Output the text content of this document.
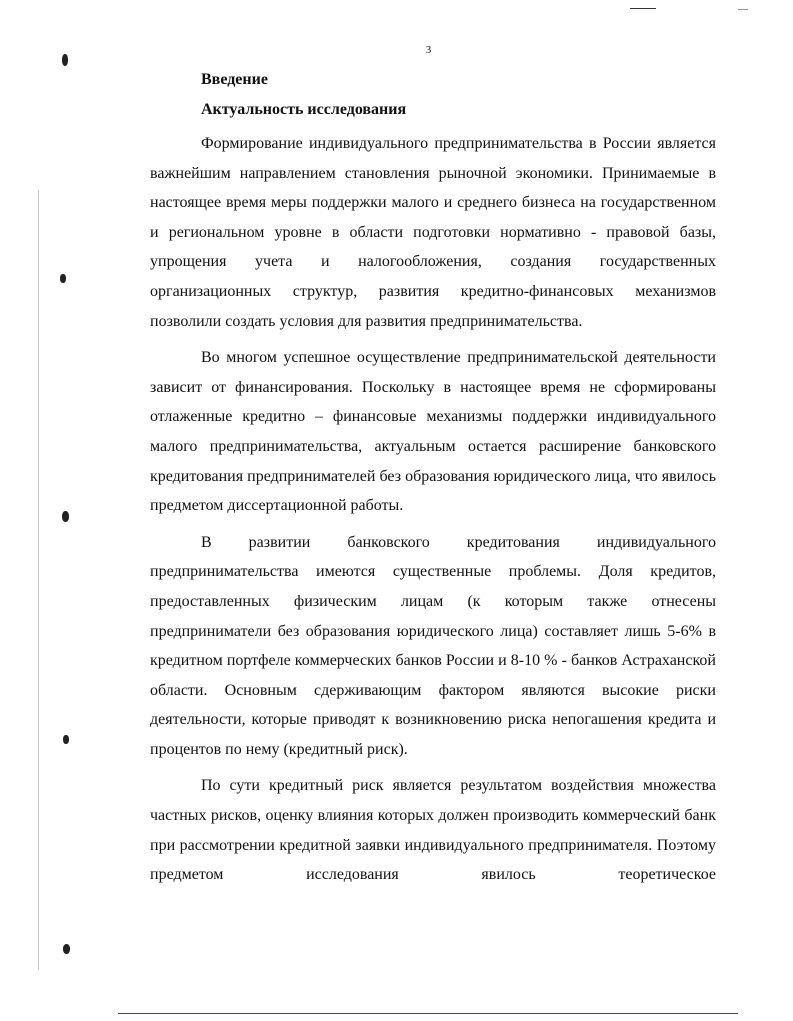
3
Введение
Актуальность исследования

Формирование индивидуального предпринимательства в России является важнейшим направлением становления рыночной экономики. Принимаемые в настоящее время меры поддержки малого и среднего бизнеса на государственном и региональном уровне в области подготовки нормативно - правовой базы, упрощения учета и налогообложения, создания государственных организационных структур, развития кредитно-финансовых механизмов позволили создать условия для развития предпринимательства.

Во многом успешное осуществление предпринимательской деятельности зависит от финансирования. Поскольку в настоящее время не сформированы отлаженные кредитно – финансовые механизмы поддержки индивидуального малого предпринимательства, актуальным остается расширение банковского кредитования предпринимателей без образования юридического лица, что явилось предметом диссертационной работы.

В развитии банковского кредитования индивидуального предпринимательства имеются существенные проблемы. Доля кредитов, предоставленных физическим лицам (к которым также отнесены предприниматели без образования юридического лица) составляет лишь 5-6% в кредитном портфеле коммерческих банков России и 8-10 % - банков Астраханской области. Основным сдерживающим фактором являются высокие риски деятельности, которые приводят к возникновению риска непогашения кредита и процентов по нему (кредитный риск).

По сути кредитный риск является результатом воздействия множества частных рисков, оценку влияния которых должен производить коммерческий банк при рассмотрении кредитной заявки индивидуального предпринимателя. Поэтому предметом исследования явилось теоретическое
